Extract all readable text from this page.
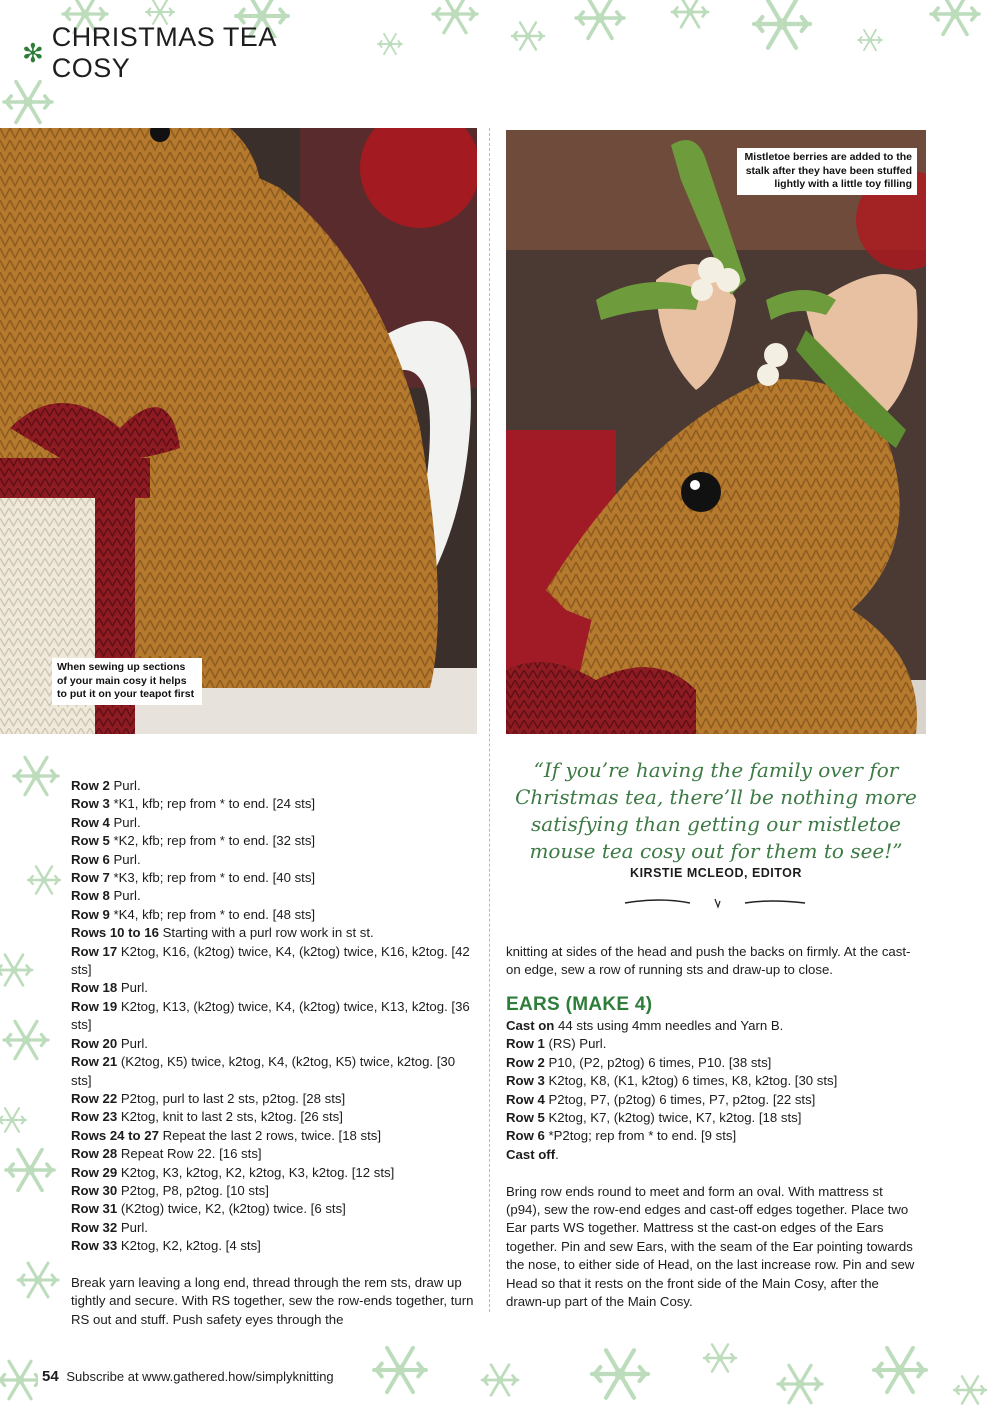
✻
CHRISTMAS TEA COSY
When sewing up sections of your main cosy it helps to put it on your teapot first
Mistletoe berries are added to the stalk after they have been stuffed lightly with a little toy filling

Row 2 Purl.

Row 3 *K1, kfb; rep from * to end. [24 sts]

Row 4 Purl.

Row 5 *K2, kfb; rep from * to end. [32 sts]

Row 6 Purl.

Row 7 *K3, kfb; rep from * to end. [40 sts]

Row 8 Purl.

Row 9 *K4, kfb; rep from * to end. [48 sts]

Rows 10 to 16 Starting with a purl row work in st st.

Row 17 K2tog, K16, (k2tog) twice, K4, (k2tog) twice, K16, k2tog. [42 sts]

Row 18 Purl.

Row 19 K2tog, K13, (k2tog) twice, K4, (k2tog) twice, K13, k2tog. [36 sts]

Row 20 Purl.

Row 21 (K2tog, K5) twice, k2tog, K4, (k2tog, K5) twice, k2tog. [30 sts]

Row 22 P2tog, purl to last 2 sts, p2tog. [28 sts]

Row 23 K2tog, knit to last 2 sts, k2tog. [26 sts]

Rows 24 to 27 Repeat the last 2 rows, twice. [18 sts]

Row 28 Repeat Row 22. [16 sts]

Row 29 K2tog, K3, k2tog, K2, k2tog, K3, k2tog. [12 sts]

Row 30 P2tog, P8, p2tog. [10 sts]

Row 31 (K2tog) twice, K2, (k2tog) twice. [6 sts]

Row 32 Purl.

Row 33 K2tog, K2, k2tog. [4 sts]

Break yarn leaving a long end, thread through the rem sts, draw up tightly and secure. With RS together, sew the row-ends together, turn RS out and stuff. Push safety eyes through the

“If you’re having the family over for Christmas tea, there’ll be nothing more satisfying than getting our mistletoe mouse tea cosy out for them to see!”
KIRSTIE MCLEOD, EDITOR

knitting at sides of the head and push the backs on firmly. At the cast-on edge, sew a row of running sts and draw-up to close.

EARS (MAKE 4)

Cast on 44 sts using 4mm needles and Yarn B.

Row 1 (RS) Purl.

Row 2 P10, (P2, p2tog) 6 times, P10. [38 sts]

Row 3 K2tog, K8, (K1, k2tog) 6 times, K8, k2tog. [30 sts]

Row 4 P2tog, P7, (p2tog) 6 times, P7, p2tog. [22 sts]

Row 5 K2tog, K7, (k2tog) twice, K7, k2tog. [18 sts]

Row 6 *P2tog; rep from * to end. [9 sts]

Cast off.

Bring row ends round to meet and form an oval. With mattress st (p94), sew the row-end edges and cast-off edges together. Place two Ear parts WS together. Mattress st the cast-on edges of the Ears together. Pin and sew Ears, with the seam of the Ear pointing towards the nose, to either side of Head, on the last increase row. Pin and sew Head so that it rests on the front side of the Main Cosy, after the drawn-up part of the Main Cosy.

54 Subscribe at www.gathered.how/simplyknitting
